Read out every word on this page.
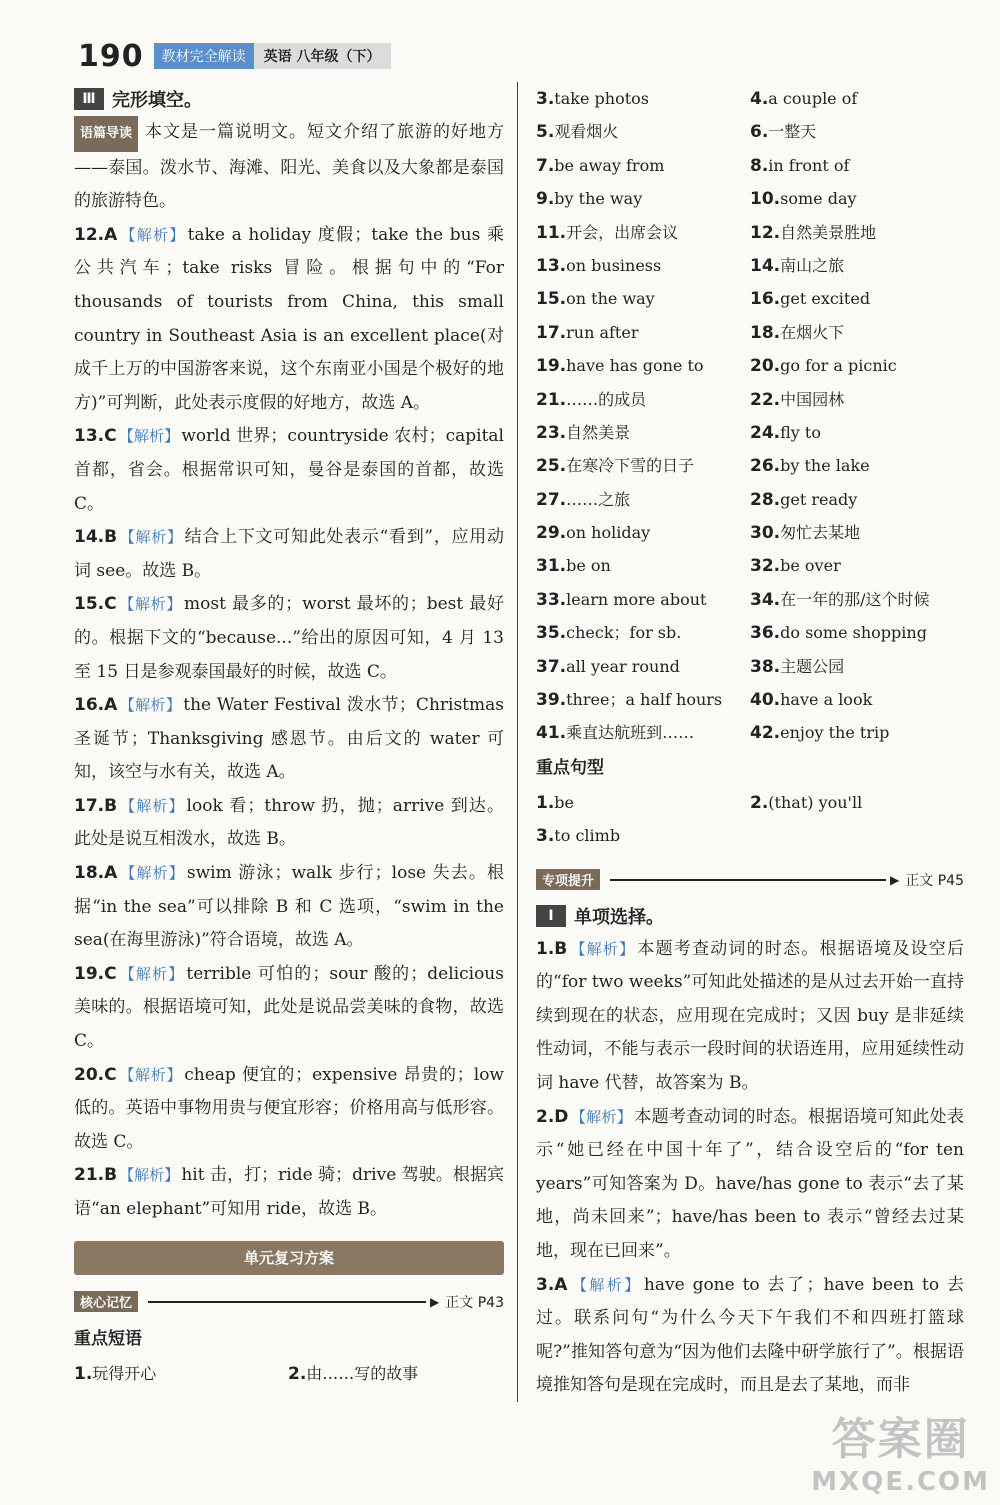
190	教材完全解读	英语 八年级（下）
Ⅲ 完形填空。

语篇导读 本文是一篇说明文。短文介绍了旅游的好地方——泰国。泼水节、海滩、阳光、美食以及大象都是泰国的旅游特色。

12.A 【解析】 take a holiday 度假；take the bus 乘公共汽车；take risks 冒险。根据句中的“For thousands of tourists from China, this small country in Southeast Asia is an excellent place(对成千上万的中国游客来说，这个东南亚小国是个极好的地方)”可判断，此处表示度假的好地方，故选 A。
13.C 【解析】 world 世界；countryside 农村；capital 首都，省会。根据常识可知，曼谷是泰国的首都，故选 C。
14.B 【解析】 结合上下文可知此处表示“看到”，应用动词 see。故选 B。
15.C 【解析】 most 最多的；worst 最坏的；best 最好的。根据下文的“because...”给出的原因可知，4 月 13 至 15 日是参观泰国最好的时候，故选 C。
16.A 【解析】 the Water Festival 泼水节；Christmas 圣诞节；Thanksgiving 感恩节。由后文的 water 可知，该空与水有关，故选 A。
17.B 【解析】 look 看；throw 扔，抛；arrive 到达。此处是说互相泼水，故选 B。
18.A 【解析】 swim 游泳；walk 步行；lose 失去。根据“in the sea”可以排除 B 和 C 选项，“swim in the sea(在海里游泳)”符合语境，故选 A。
19.C 【解析】 terrible 可怕的；sour 酸的；delicious 美味的。根据语境可知，此处是说品尝美味的食物，故选 C。
20.C 【解析】 cheap 便宜的；expensive 昂贵的；low 低的。英语中事物用贵与便宜形容；价格用高与低形容。故选 C。
21.B 【解析】 hit 击，打；ride 骑；drive 驾驶。根据宾语“an elephant”可知用 ride，故选 B。
单元复习方案
核心记忆	▶ 正文 P43
重点短语
1.玩得开心	2.由……写的故事
3.take photos	4.a couple of
5.观看烟火	6.一整天
7.be away from	8.in front of
9.by the way	10.some day
11.开会，出席会议	12.自然美景胜地
13.on business	14.南山之旅
15.on the way	16.get excited
17.run after	18.在烟火下
19.have has gone to	20.go for a picnic
21.……的成员	22.中国园林
23.自然美景	24.fly to
25.在寒冷下雪的日子	26.by the lake
27.……之旅	28.get ready
29.on holiday	30.匆忙去某地
31.be on	32.be over
33.learn more about	34.在一年的那/这个时候
35.check；for sb.	36.do some shopping
37.all year round	38.主题公园
39.three；a half hours	40.have a look
41.乘直达航班到……	42.enjoy the trip
重点句型
1.be	2.(that) you'll
3.to climb
专项提升	▶ 正文 P45
Ⅰ	单项选择。
1.B 【解析】 本题考查动词的时态。根据语境及设空后的“for two weeks”可知此处描述的是从过去开始一直持续到现在的状态，应用现在完成时；又因 buy 是非延续性动词，不能与表示一段时间的状语连用，应用延续性动词 have 代替，故答案为 B。
2.D 【解析】 本题考查动词的时态。根据语境可知此处表示“她已经在中国十年了”，结合设空后的“for ten years”可知答案为 D。have/has gone to 表示“去了某地，尚未回来”；have/has been to 表示“曾经去过某地，现在已回来”。
3.A 【解析】 have gone to 去了；have been to 去过。联系问句“为什么今天下午我们不和四班打篮球呢?”推知答句意为“因为他们去隆中研学旅行了”。根据语境推知答句是现在完成时，而且是去了某地，而非
答案圈
MXQE.COM
